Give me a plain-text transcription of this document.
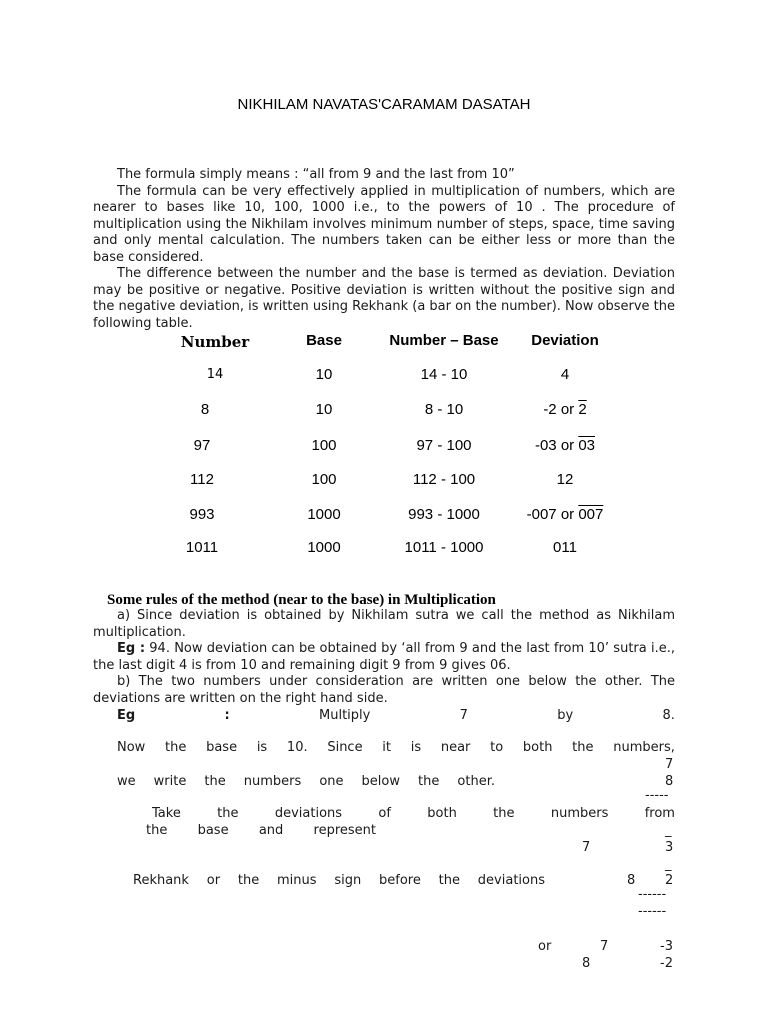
NIKHILAM NAVATAS'CARAMAM DASATAH

The formula simply means : “all from 9 and the last from 10”

The formula can be very effectively applied in multiplication of numbers, which are nearer to bases like 10, 100, 1000 i.e., to the powers of 10 . The procedure of multiplication using the Nikhilam involves minimum number of steps, space, time saving and only mental calculation. The numbers taken can be either less or more than the base considered.

The difference between the number and the base is termed as deviation. Deviation may be positive or negative. Positive deviation is written without the positive sign and the negative deviation, is written using Rekhank (a bar on the number). Now observe the following table.

Number	Base	Number – Base	Deviation
14	10	14 - 10	4
8	10	8 - 10	-2 or 2
97	100	97 - 100	-03 or 03
112	100	112 - 100	12
993	1000	993 - 1000	-007 or 007
1011	1000	1011 - 1000	011
Some rules of the method (near to the base) in Multiplication

a) Since deviation is obtained by Nikhilam sutra we call the method as Nikhilam multiplication.

Eg : 94. Now deviation can be obtained by ‘all from 9 and the last from 10’ sutra i.e., the last digit 4 is from 10 and remaining digit 9 from 9 gives 06.

b) The two numbers under consideration are written one below the other. The deviations are written on the right hand side.

Eg	:	Multiply	7	by	8.
Now the base is 10. Since it is near to both the numbers,
7
we write the numbers one below the other.	8
-----
Take	the	deviations	of	both	the	numbers	from
the base and represent	_
7	3
Rekhank or the minus sign before the deviations
_
8 2
------
------
or	7	-3
8	-2
